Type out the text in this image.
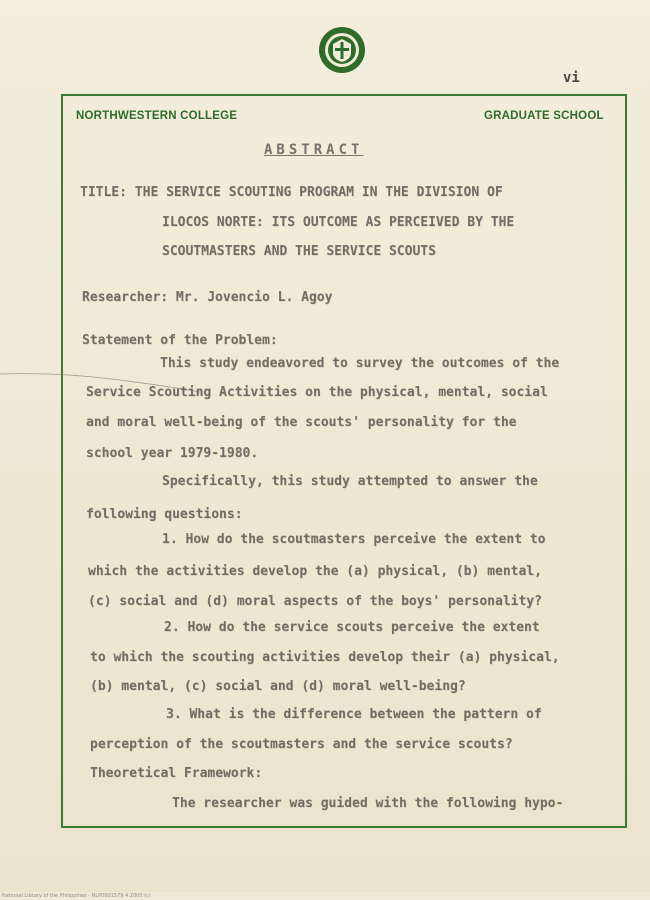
vi
NORTHWESTERN COLLEGE	GRADUATE SCHOOL
ABSTRACT
TITLE: THE SERVICE SCOUTING PROGRAM IN THE DIVISION OF
ILOCOS NORTE: ITS OUTCOME AS PERCEIVED BY THE
SCOUTMASTERS AND THE SERVICE SCOUTS
Researcher: Mr. Jovencio L. Agoy
Statement of the Problem:
This study endeavored to survey the outcomes of the
Service Scouting Activities on the physical, mental, social
and moral well-being of the scouts' personality for the
school year 1979-1980.
Specifically, this study attempted to answer the
following questions:
1. How do the scoutmasters perceive the extent to
which the activities develop the (a) physical, (b) mental,
(c) social and (d) moral aspects of the boys' personality?
2. How do the service scouts perceive the extent
to which the scouting activities develop their (a) physical,
(b) mental, (c) social and (d) moral well-being?
3. What is the difference between the pattern of
perception of the scoutmasters and the service scouts?
Theoretical Framework:
The researcher was guided with the following hypo-
National Library of the Philippines - NLP0001579 4 2000 (c)
